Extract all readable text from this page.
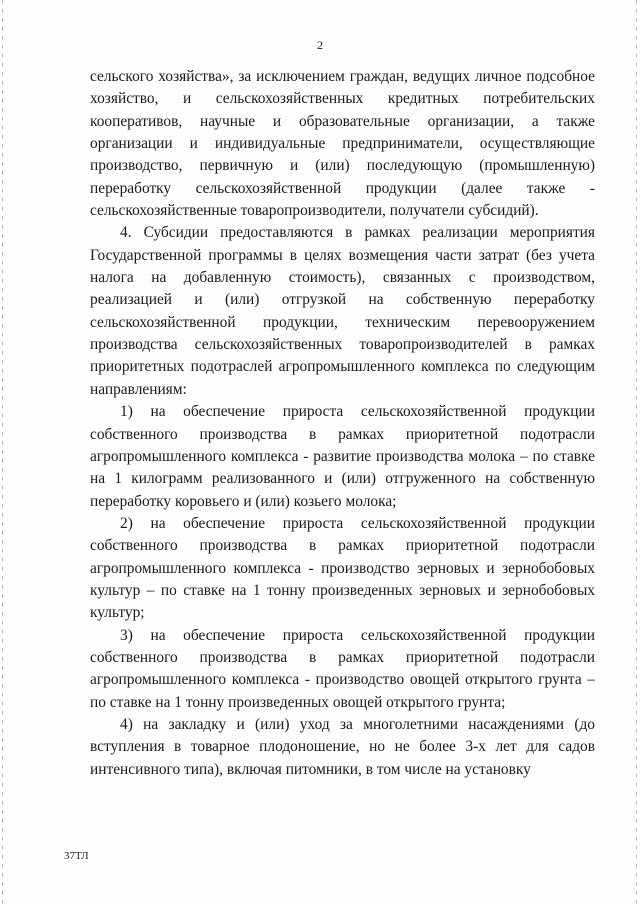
2

сельского хозяйства», за исключением граждан, ведущих личное подсобное хозяйство, и сельскохозяйственных кредитных потребительских кооперативов, научные и образовательные организации, а также организации и индивидуальные предприниматели, осуществляющие производство, первичную и (или) последующую (промышленную) переработку сельскохозяйственной продукции (далее также - сельскохозяйственные товаропроизводители, получатели субсидий).

4. Субсидии предоставляются в рамках реализации мероприятия Государственной программы в целях возмещения части затрат (без учета налога на добавленную стоимость), связанных с производством, реализацией и (или) отгрузкой на собственную переработку сельскохозяйственной продукции, техническим перевооружением производства сельскохозяйственных товаропроизводителей в рамках приоритетных подотраслей агропромышленного комплекса по следующим направлениям:

1) на обеспечение прироста сельскохозяйственной продукции собственного производства в рамках приоритетной подотрасли агропромышленного комплекса - развитие производства молока – по ставке на 1 килограмм реализованного и (или) отгруженного на собственную переработку коровьего и (или) козьего молока;

2) на обеспечение прироста сельскохозяйственной продукции собственного производства в рамках приоритетной подотрасли агропромышленного комплекса - производство зерновых и зернобобовых культур – по ставке на 1 тонну произведенных зерновых и зернобобовых культур;

3) на обеспечение прироста сельскохозяйственной продукции собственного производства в рамках приоритетной подотрасли агропромышленного комплекса - производство овощей открытого грунта – по ставке на 1 тонну произведенных овощей открытого грунта;

4) на закладку и (или) уход за многолетними насаждениями (до вступления в товарное плодоношение, но не более 3-х лет для садов интенсивного типа), включая питомники, в том числе на установку

37ТЛ
